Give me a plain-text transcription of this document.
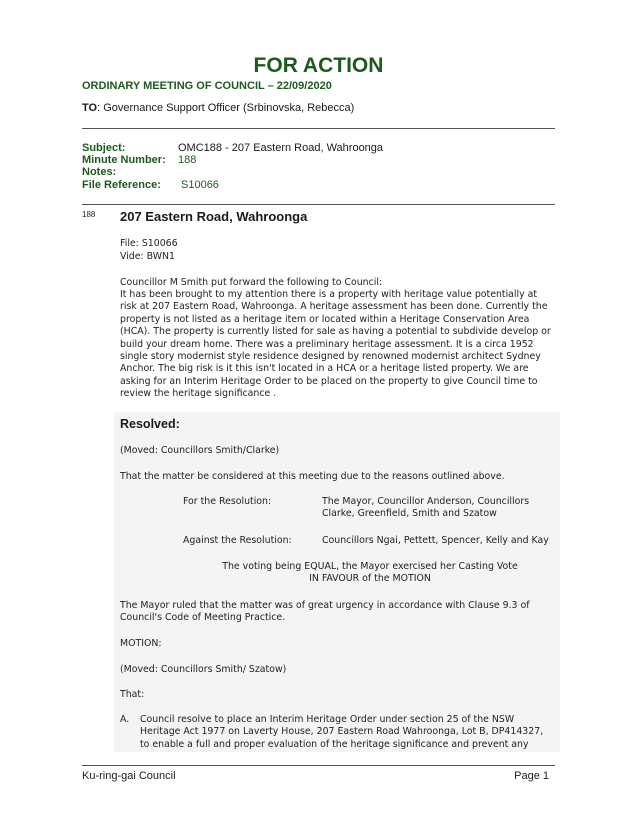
FOR ACTION
ORDINARY MEETING OF COUNCIL – 22/09/2020
TO: Governance Support Officer (Srbinovska, Rebecca)
Subject:	OMC188 - 207 Eastern Road, Wahroonga
Minute Number: 188
Notes:
File Reference: S10066
188 207 Eastern Road, Wahroonga
File: S10066
Vide: BWN1
Councillor M Smith put forward the following to Council:
It has been brought to my attention there is a property with heritage value potentially at risk at 207 Eastern Road, Wahroonga. A heritage assessment has been done. Currently the property is not listed as a heritage item or located within a Heritage Conservation Area (HCA). The property is currently listed for sale as having a potential to subdivide develop or build your dream home. There was a preliminary heritage assessment. It is a circa 1952 single story modernist style residence designed by renowned modernist architect Sydney Anchor. The big risk is it this isn't located in a HCA or a heritage listed property. We are asking for an Interim Heritage Order to be placed on the property to give Council time to review the heritage significance .
Resolved:
(Moved: Councillors Smith/Clarke)
That the matter be considered at this meeting due to the reasons outlined above.
For the Resolution:	The Mayor, Councillor Anderson, Councillors Clarke, Greenfield, Smith and Szatow
Against the Resolution:	Councillors Ngai, Pettett, Spencer, Kelly and Kay
The voting being EQUAL, the Mayor exercised her Casting Vote
IN FAVOUR of the MOTION
The Mayor ruled that the matter was of great urgency in accordance with Clause 9.3 of Council's Code of Meeting Practice.
MOTION:
(Moved: Councillors Smith/ Szatow)
That:
A. Council resolve to place an Interim Heritage Order under section 25 of the NSW Heritage Act 1977 on Laverty House, 207 Eastern Road Wahroonga, Lot B, DP414327, to enable a full and proper evaluation of the heritage significance and prevent any
Ku-ring-gai Council	Page 1
